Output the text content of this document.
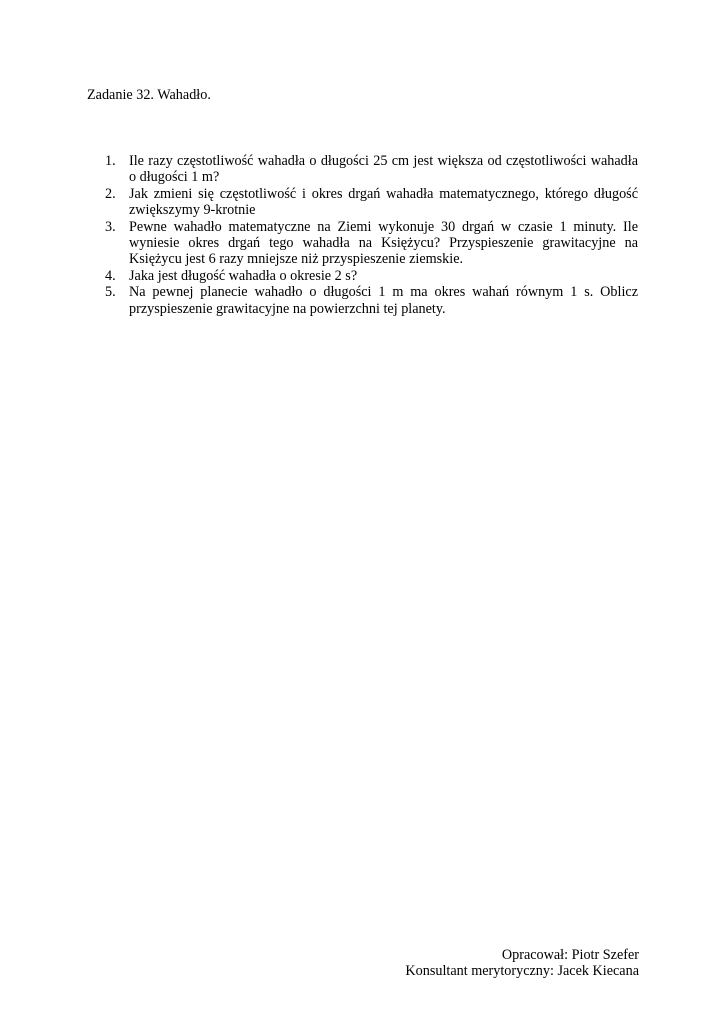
Zadanie 32. Wahadło.
1. Ile razy częstotliwość wahadła o długości 25 cm jest większa od częstotliwości wahadła o długości 1 m?
2. Jak zmieni się częstotliwość i okres drgań wahadła matematycznego, którego długość zwiększymy 9-krotnie
3. Pewne wahadło matematyczne na Ziemi wykonuje 30 drgań w czasie 1 minuty. Ile wyniesie okres drgań tego wahadła na Księżycu? Przyspieszenie grawitacyjne na Księżycu jest 6 razy mniejsze niż przyspieszenie ziemskie.
4. Jaka jest długość wahadła o okresie 2 s?
5. Na pewnej planecie wahadło o długości 1 m ma okres wahań równym 1 s. Oblicz przyspieszenie grawitacyjne na powierzchni tej planety.
Opracował: Piotr Szefer
Konsultant merytoryczny: Jacek Kiecana
